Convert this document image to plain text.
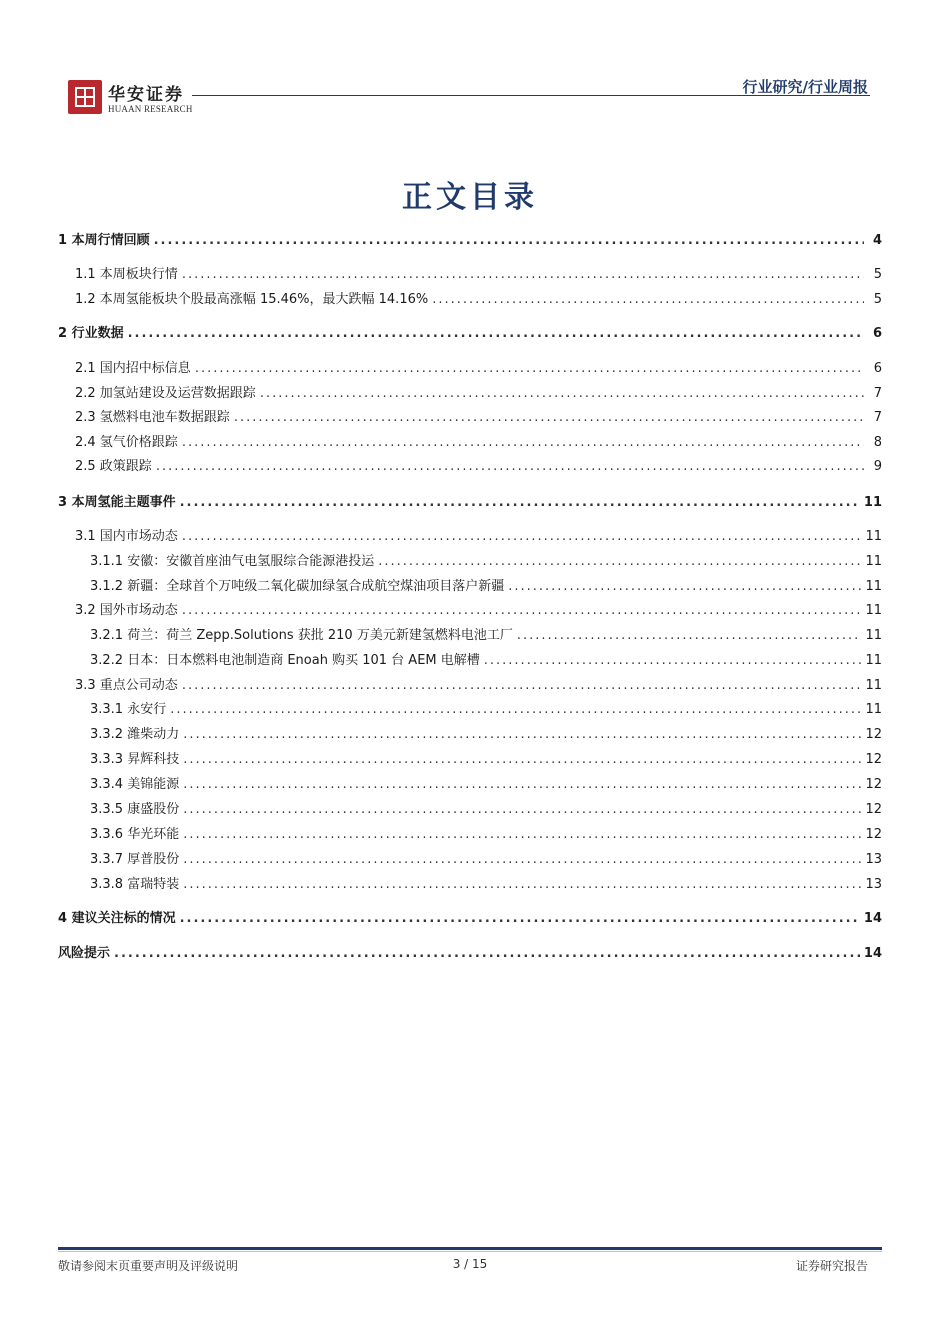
华安证券
HUAAN RESEARCH
行业研究/行业周报
正文目录
1 本周行情回顾 .....	4
1.1 本周板块行情 .....	5
1.2 本周氢能板块个股最高涨幅 15.46%，最大跌幅 14.16% .....	5
2 行业数据 .....	6
2.1 国内招中标信息 .....	6
2.2 加氢站建设及运营数据跟踪 .....	7
2.3 氢燃料电池车数据跟踪 .....	7
2.4 氢气价格跟踪 .....	8
2.5 政策跟踪 .....	9
3 本周氢能主题事件 .....	11
3.1 国内市场动态 .....	11
3.1.1 安徽：安徽首座油气电氢服综合能源港投运 .....	11
3.1.2 新疆：全球首个万吨级二氧化碳加绿氢合成航空煤油项目落户新疆 .....	11
3.2 国外市场动态 .....	11
3.2.1 荷兰：荷兰 Zepp.Solutions 获批 210 万美元新建氢燃料电池工厂 .....	11
3.2.2 日本：日本燃料电池制造商 Enoah 购买 101 台 AEM 电解槽 .....	11
3.3 重点公司动态 .....	11
3.3.1 永安行 .....	11
3.3.2 潍柴动力 .....	12
3.3.3 昇辉科技 .....	12
3.3.4 美锦能源 .....	12
3.3.5 康盛股份 .....	12
3.3.6 华光环能 .....	12
3.3.7 厚普股份 .....	13
3.3.8 富瑞特装 .....	13
4 建议关注标的情况 .....	14
风险提示 .....	14
敬请参阅末页重要声明及评级说明	3 / 15	证券研究报告
